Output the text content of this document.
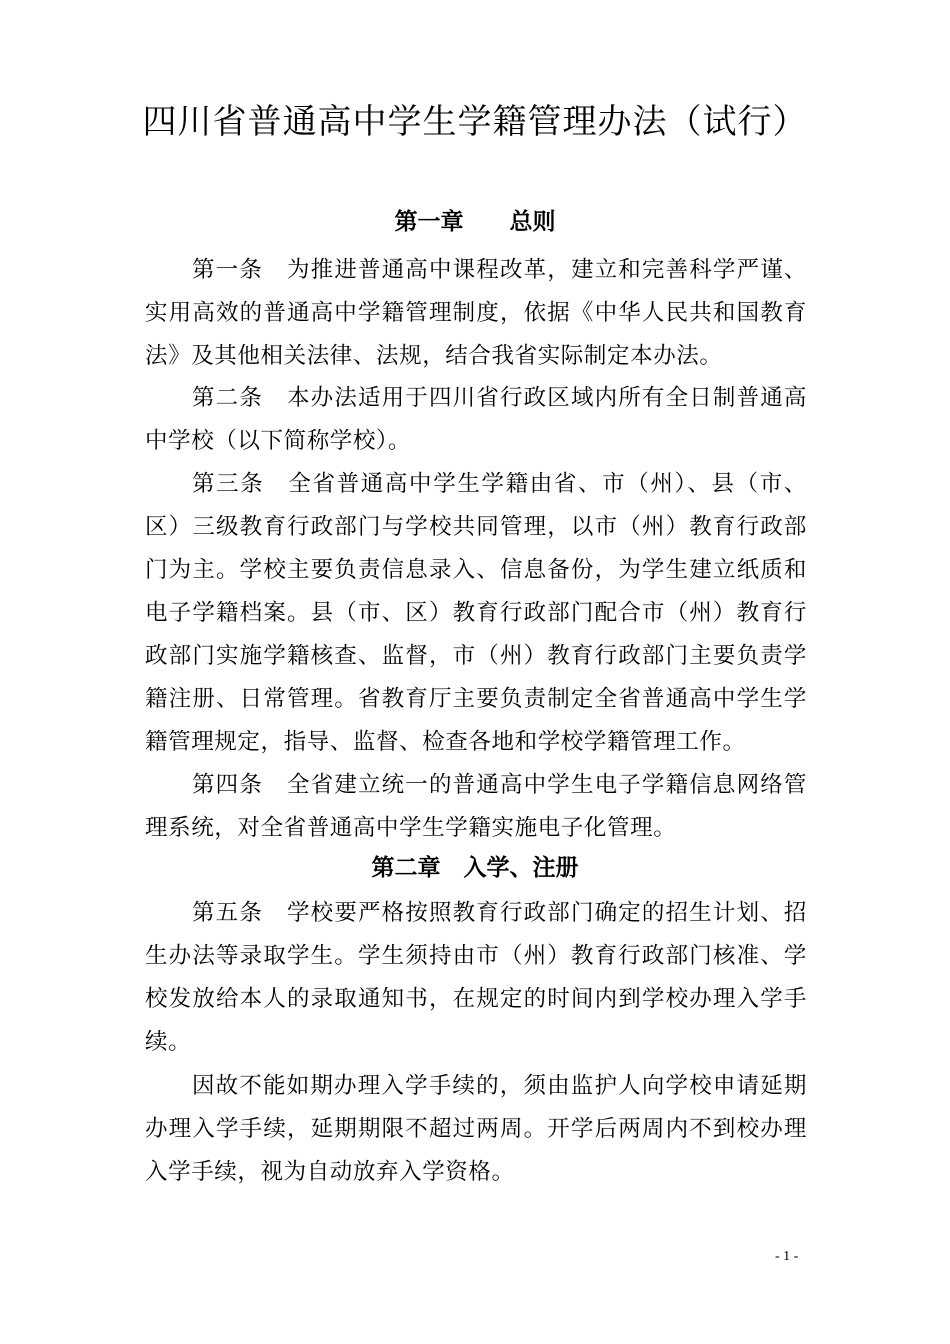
四川省普通高中学生学籍管理办法（试行）
第一章　　总则

第一条 为推进普通高中课程改革，建立和完善科学严谨、实用高效的普通高中学籍管理制度，依据《中华人民共和国教育法》及其他相关法律、法规，结合我省实际制定本办法。

第二条 本办法适用于四川省行政区域内所有全日制普通高中学校（以下简称学校）。

第三条 全省普通高中学生学籍由省、市（州）、县（市、区）三级教育行政部门与学校共同管理，以市（州）教育行政部门为主。学校主要负责信息录入、信息备份，为学生建立纸质和电子学籍档案。县（市、区）教育行政部门配合市（州）教育行政部门实施学籍核查、监督，市（州）教育行政部门主要负责学籍注册、日常管理。省教育厅主要负责制定全省普通高中学生学籍管理规定，指导、监督、检查各地和学校学籍管理工作。

第四条 全省建立统一的普通高中学生电子学籍信息网络管理系统，对全省普通高中学生学籍实施电子化管理。

第二章　入学、注册

第五条 学校要严格按照教育行政部门确定的招生计划、招生办法等录取学生。学生须持由市（州）教育行政部门核准、学校发放给本人的录取通知书，在规定的时间内到学校办理入学手续。

因故不能如期办理入学手续的，须由监护人向学校申请延期办理入学手续，延期期限不超过两周。开学后两周内不到校办理入学手续，视为自动放弃入学资格。

- 1 -
